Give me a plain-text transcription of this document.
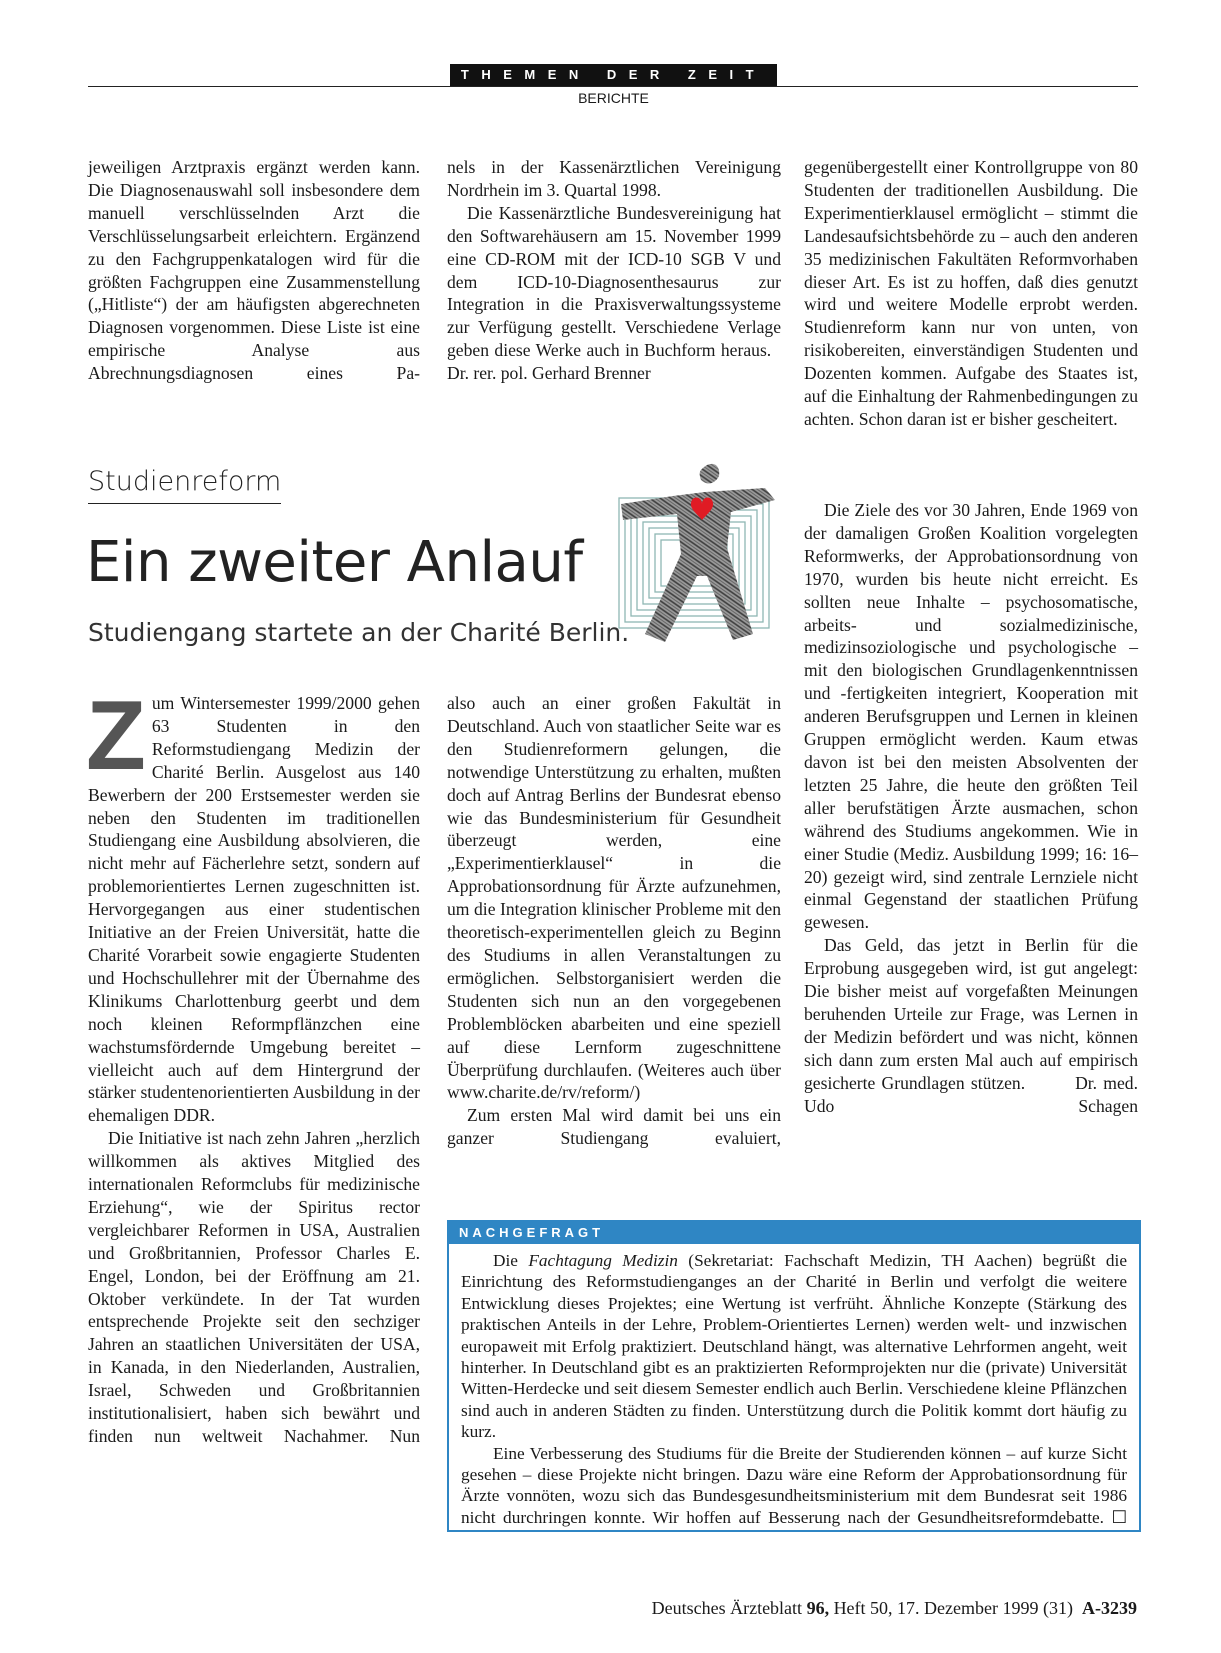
THEMEN DER ZEIT
BERICHTE

jeweiligen Arztpraxis ergänzt werden kann. Die Diagnosenauswahl soll insbesondere dem manuell verschlüsselnden Arzt die Verschlüsselungsarbeit erleichtern. Ergänzend zu den Fachgruppenkatalogen wird für die größten Fachgruppen eine Zusammenstellung („Hitliste“) der am häufigsten abgerechneten Diagnosen vorgenommen. Diese Liste ist eine empirische Analyse aus Abrechnungsdiagnosen eines Pa-

nels in der Kassenärztlichen Vereinigung Nordrhein im 3. Quartal 1998.

Die Kassenärztliche Bundesvereinigung hat den Softwarehäusern am 15. November 1999 eine CD-ROM mit der ICD-10 SGB V und dem ICD-10-Diagnosenthesaurus zur Integration in die Praxisverwaltungssysteme zur Verfügung gestellt. Verschiedene Verlage geben diese Werke auch in Buchform heraus.   Dr. rer. pol. Gerhard Brenner

gegenübergestellt einer Kontrollgruppe von 80 Studenten der traditionellen Ausbildung. Die Experimentierklausel ermöglicht – stimmt die Landesaufsichtsbehörde zu – auch den anderen 35 medizinischen Fakultäten Reformvorhaben dieser Art. Es ist zu hoffen, daß dies genutzt wird und weitere Modelle erprobt werden. Studienreform kann nur von unten, von risikobereiten, einverständigen Studenten und Dozenten kommen. Aufgabe des Staates ist, auf die Einhaltung der Rahmenbedingungen zu achten. Schon daran ist er bisher gescheitert.

Studienreform
Ein zweiter Anlauf
Studiengang startete an der Charité Berlin.
Z um Wintersemester 1999/2000 gehen 63 Studenten in den Reformstudiengang Medizin der Charité Berlin. Ausgelost aus 140 Bewerbern der 200 Erstsemester werden sie neben den Studenten im traditionellen Studiengang eine Ausbildung absolvieren, die nicht mehr auf Fächerlehre setzt, sondern auf problemorientiertes Lernen zugeschnitten ist. Hervorgegangen aus einer studentischen Initiative an der Freien Universität, hatte die Charité Vorarbeit sowie engagierte Studenten und Hochschullehrer mit der Übernahme des Klinikums Charlottenburg geerbt und dem noch kleinen Reformpflänzchen eine wachstumsfördernde Umgebung bereitet – vielleicht auch auf dem Hintergrund der stärker studentenorientierten Ausbildung in der ehemaligen DDR.

Die Initiative ist nach zehn Jahren „herzlich willkommen als aktives Mitglied des internationalen Reformclubs für medizinische Erziehung“, wie der Spiritus rector vergleichbarer Reformen in USA, Australien und Großbritannien, Professor Charles E. Engel, London, bei der Eröffnung am 21. Oktober verkündete. In der Tat wurden entsprechende Projekte seit den sechziger Jahren an staatlichen Universitäten der USA, in Kanada, in den Niederlanden, Australien, Israel, Schweden und Großbritannien institutionalisiert, haben sich bewährt und finden nun weltweit Nachahmer. Nun

also auch an einer großen Fakultät in Deutschland. Auch von staatlicher Seite war es den Studienreformern gelungen, die notwendige Unterstützung zu erhalten, mußten doch auf Antrag Berlins der Bundesrat ebenso wie das Bundesministerium für Gesundheit überzeugt werden, eine „Experimentierklausel“ in die Approbationsordnung für Ärzte aufzunehmen, um die Integration klinischer Probleme mit den theoretisch-experimentellen gleich zu Beginn des Studiums in allen Veranstaltungen zu ermöglichen. Selbstorganisiert werden die Studenten sich nun an den vorgegebenen Problemblöcken abarbeiten und eine speziell auf diese Lernform zugeschnittene Überprüfung durchlaufen. (Weiteres auch über www.charite.de/rv/reform/)

Zum ersten Mal wird damit bei uns ein ganzer Studiengang evaluiert,

Die Ziele des vor 30 Jahren, Ende 1969 von der damaligen Großen Koalition vorgelegten Reformwerks, der Approbationsordnung von 1970, wurden bis heute nicht erreicht. Es sollten neue Inhalte – psychosomatische, arbeits- und sozialmedizinische, medizinsoziologische und psychologische – mit den biologischen Grundlagenkenntnissen und -fertigkeiten integriert, Kooperation mit anderen Berufsgruppen und Lernen in kleinen Gruppen ermöglicht werden. Kaum etwas davon ist bei den meisten Absolventen der letzten 25 Jahre, die heute den größten Teil aller berufstätigen Ärzte ausmachen, schon während des Studiums angekommen. Wie in einer Studie (Mediz. Ausbildung 1999; 16: 16–20) gezeigt wird, sind zentrale Lernziele nicht einmal Gegenstand der staatlichen Prüfung gewesen.

Das Geld, das jetzt in Berlin für die Erprobung ausgegeben wird, ist gut angelegt: Die bisher meist auf vorgefaßten Meinungen beruhenden Urteile zur Frage, was Lernen in der Medizin befördert und was nicht, können sich dann zum ersten Mal auch auf empirisch gesicherte Grundlagen stützen.	Dr. med. Udo Schagen

NACHGEFRAGT

Die Fachtagung Medizin (Sekretariat: Fachschaft Medizin, TH Aachen) begrüßt die Einrichtung des Reformstudienganges an der Charité in Berlin und verfolgt die weitere Entwicklung dieses Projektes; eine Wertung ist verfrüht. Ähnliche Konzepte (Stärkung des praktischen Anteils in der Lehre, Problem-Orientiertes Lernen) werden welt- und inzwischen europaweit mit Erfolg praktiziert. Deutschland hängt, was alternative Lehrformen angeht, weit hinterher. In Deutschland gibt es an praktizierten Reformprojekten nur die (private) Universität Witten-Herdecke und seit diesem Semester endlich auch Berlin. Verschiedene kleine Pflänzchen sind auch in anderen Städten zu finden. Unterstützung durch die Politik kommt dort häufig zu kurz.

Eine Verbesserung des Studiums für die Breite der Studierenden können – auf kurze Sicht gesehen – diese Projekte nicht bringen. Dazu wäre eine Reform der Approbationsordnung für Ärzte vonnöten, wozu sich das Bundesgesundheitsministerium mit dem Bundesrat seit 1986 nicht durchringen konnte. Wir hoffen auf Besserung nach der Gesundheitsreformdebatte. ☐

Deutsches Ärzteblatt 96, Heft 50, 17. Dezember 1999 (31) A-3239
